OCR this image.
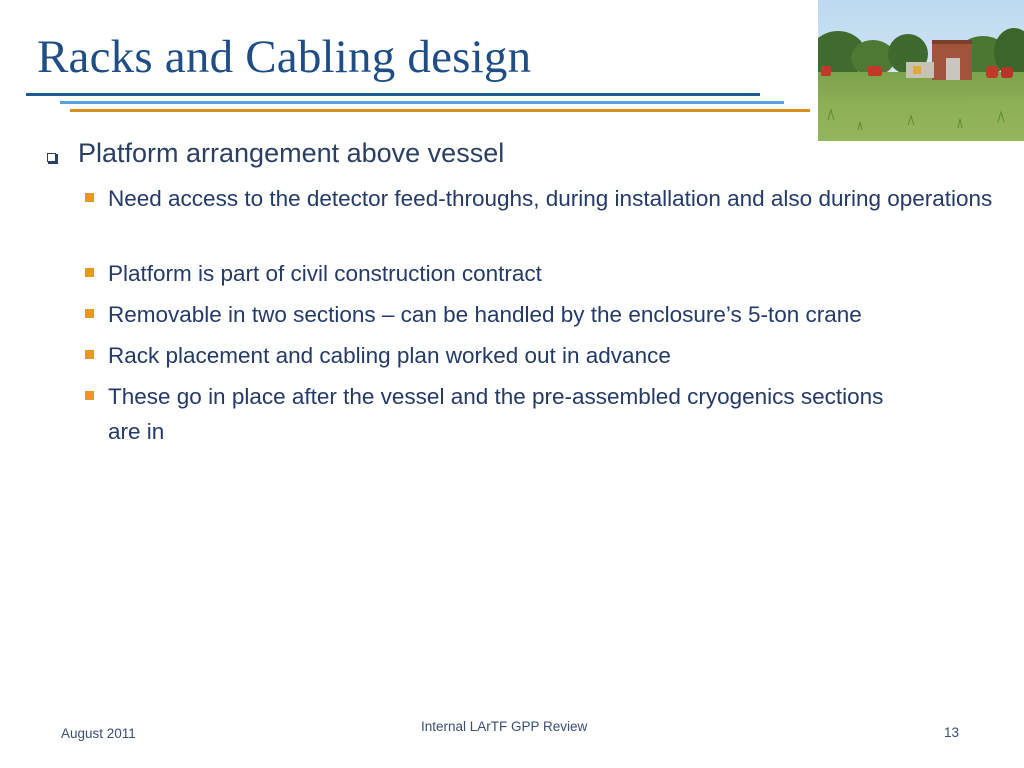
Racks and Cabling design
Platform arrangement above vessel
Need access to the detector feed-throughs, during installation and also during operations
Platform is part of civil construction contract
Removable in two sections – can be handled by the enclosure’s 5-ton crane
Rack placement and cabling plan worked out in advance
These go in place after the vessel and the pre-assembled cryogenics sections are in
August 2011	Internal LArTF GPP Review	13
